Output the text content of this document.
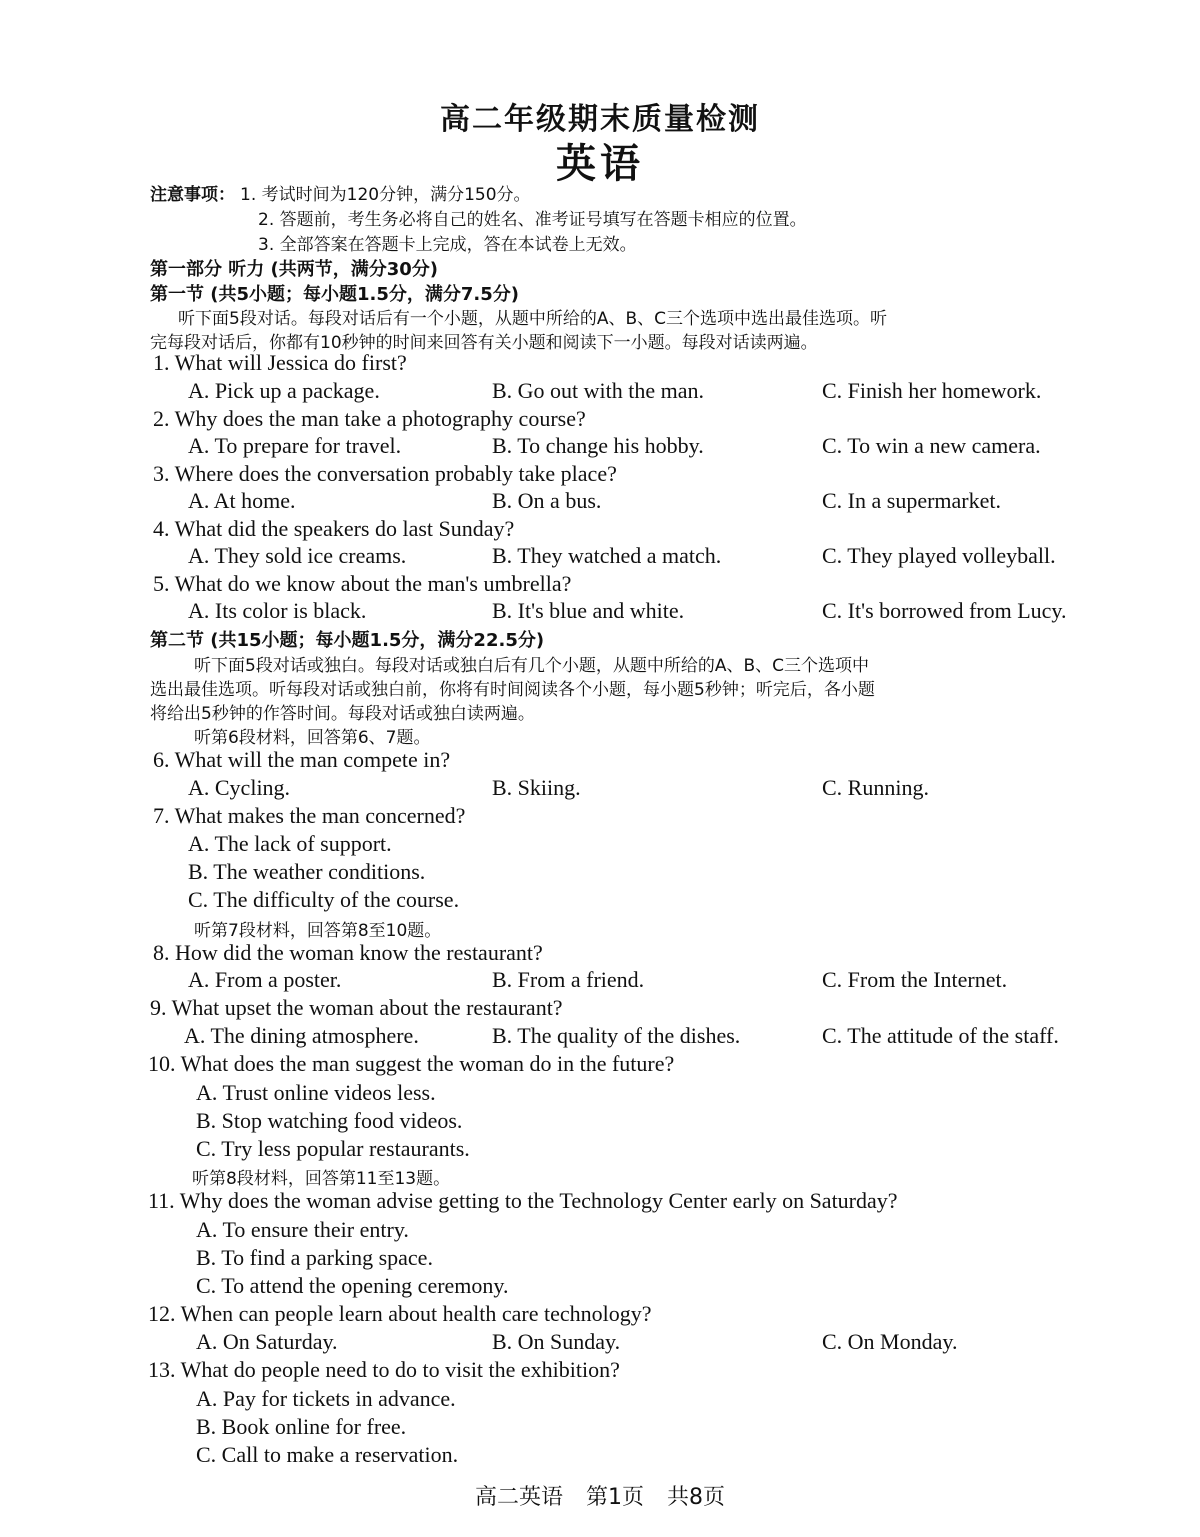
高二年级期末质量检测
英语
注意事项： 1. 考试时间为120分钟，满分150分。
2. 答题前，考生务必将自己的姓名、准考证号填写在答题卡相应的位置。
3. 全部答案在答题卡上完成，答在本试卷上无效。
第一部分 听力 (共两节，满分30分)
第一节 (共5小题；每小题1.5分，满分7.5分)
听下面5段对话。每段对话后有一个小题，从题中所给的A、B、C三个选项中选出最佳选项。听
完每段对话后，你都有10秒钟的时间来回答有关小题和阅读下一小题。每段对话读两遍。
1. What will Jessica do first?
A. Pick up a package.	B. Go out with the man.	C. Finish her homework.
2. Why does the man take a photography course?
A. To prepare for travel.	B. To change his hobby.	C. To win a new camera.
3. Where does the conversation probably take place?
A. At home.	B. On a bus.	C. In a supermarket.
4. What did the speakers do last Sunday?
A. They sold ice creams.	B. They watched a match.	C. They played volleyball.
5. What do we know about the man's umbrella?
A. Its color is black.	B. It's blue and white.	C. It's borrowed from Lucy.
第二节 (共15小题；每小题1.5分，满分22.5分)
听下面5段对话或独白。每段对话或独白后有几个小题，从题中所给的A、B、C三个选项中
选出最佳选项。听每段对话或独白前，你将有时间阅读各个小题，每小题5秒钟；听完后，各小题
将给出5秒钟的作答时间。每段对话或独白读两遍。
听第6段材料，回答第6、7题。
6. What will the man compete in?
A. Cycling.	B. Skiing.	C. Running.
7. What makes the man concerned?
A. The lack of support.
B. The weather conditions.
C. The difficulty of the course.
听第7段材料，回答第8至10题。
8. How did the woman know the restaurant?
A. From a poster.	B. From a friend.	C. From the Internet.
9. What upset the woman about the restaurant?
A. The dining atmosphere.	B. The quality of the dishes.	C. The attitude of the staff.
10. What does the man suggest the woman do in the future?
A. Trust online videos less.
B. Stop watching food videos.
C. Try less popular restaurants.
听第8段材料，回答第11至13题。
11. Why does the woman advise getting to the Technology Center early on Saturday?
A. To ensure their entry.
B. To find a parking space.
C. To attend the opening ceremony.
12. When can people learn about health care technology?
A. On Saturday.	B. On Sunday.	C. On Monday.
13. What do people need to do to visit the exhibition?
A. Pay for tickets in advance.
B. Book online for free.
C. Call to make a reservation.
高二英语 第1页 共8页
